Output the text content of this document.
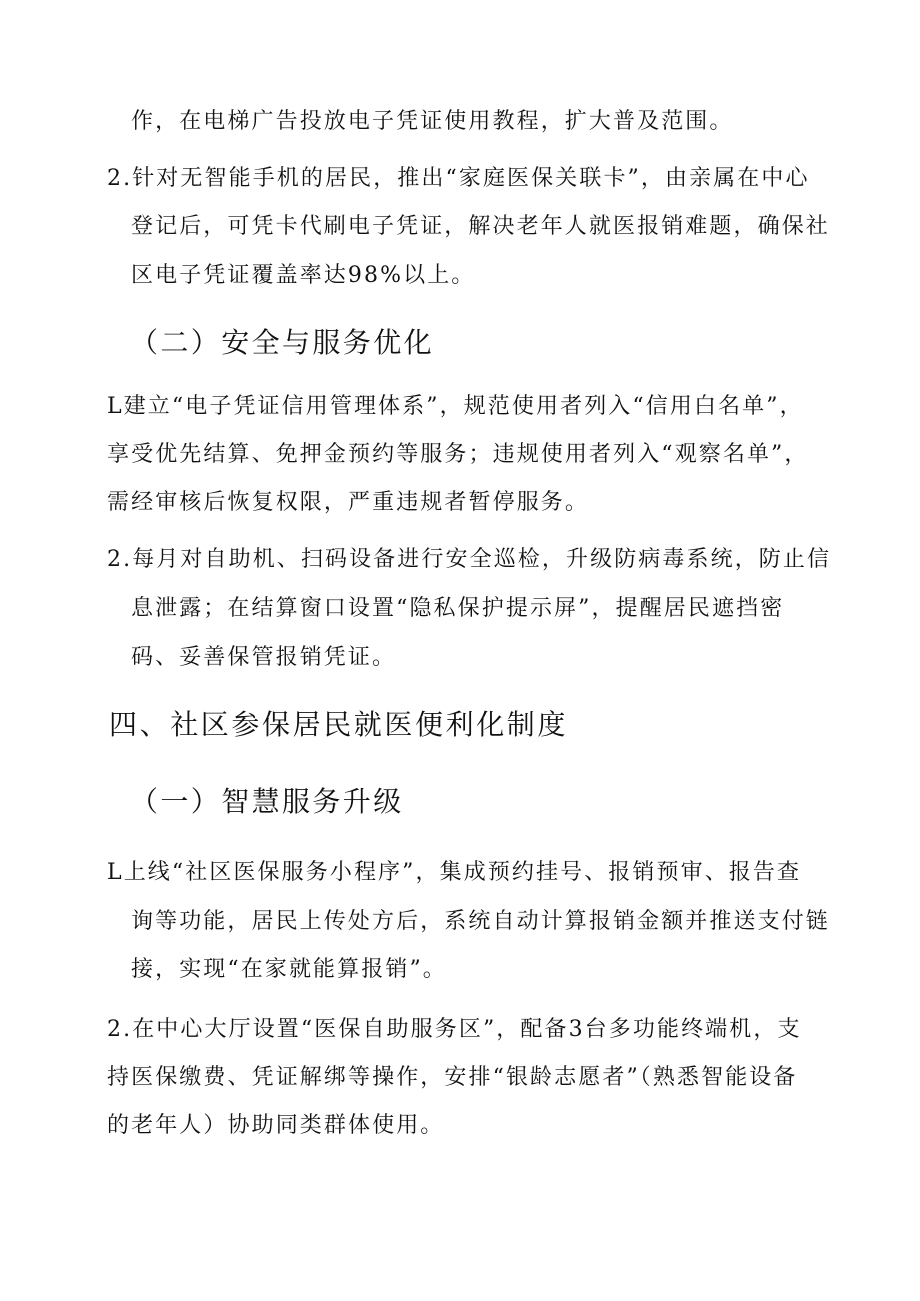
作，在电梯广告投放电子凭证使用教程，扩大普及范围。
2.针对无智能手机的居民，推出“家庭医保关联卡”，由亲属在中心
登记后，可凭卡代刷电子凭证，解决老年人就医报销难题，确保社
区电子凭证覆盖率达98%以上。
（二）安全与服务优化
L建立“电子凭证信用管理体系”，规范使用者列入“信用白名单”，
享受优先结算、免押金预约等服务；违规使用者列入“观察名单”，
需经审核后恢复权限，严重违规者暂停服务。
2.每月对自助机、扫码设备进行安全巡检，升级防病毒系统，防止信
息泄露；在结算窗口设置“隐私保护提示屏”，提醒居民遮挡密
码、妥善保管报销凭证。
四、社区参保居民就医便利化制度
（一）智慧服务升级
L上线“社区医保服务小程序”，集成预约挂号、报销预审、报告查
询等功能，居民上传处方后，系统自动计算报销金额并推送支付链
接，实现“在家就能算报销”。
2.在中心大厅设置“医保自助服务区”，配备3台多功能终端机，支
持医保缴费、凭证解绑等操作，安排“银龄志愿者”（熟悉智能设备
的老年人）协助同类群体使用。
